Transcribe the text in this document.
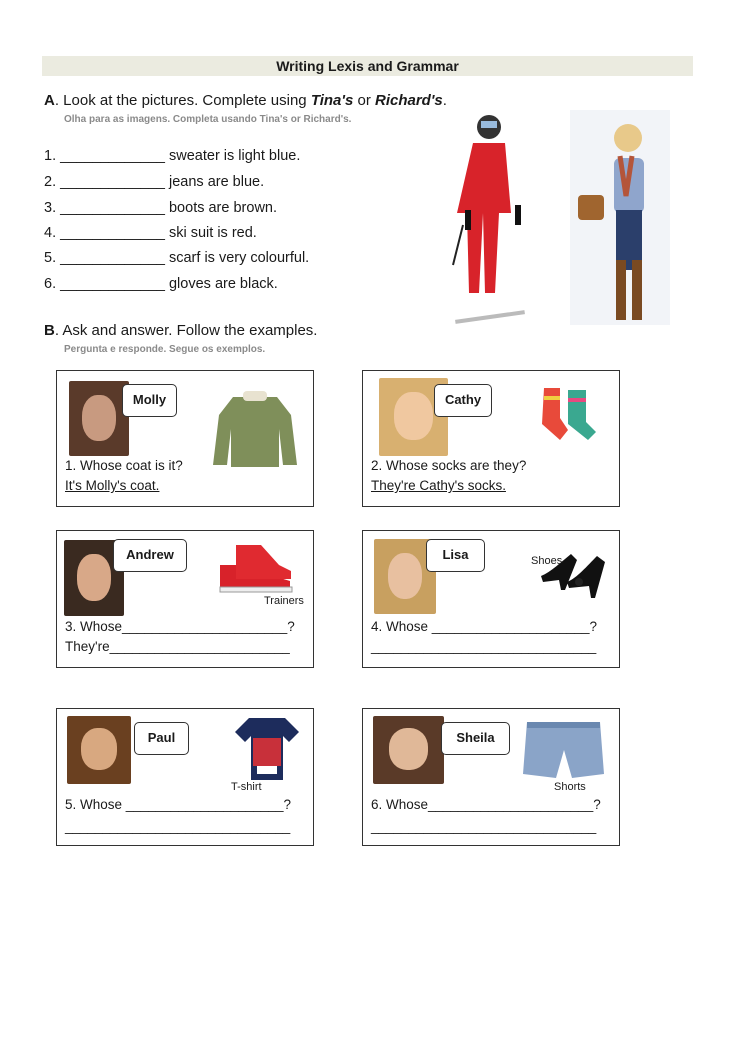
Writing Lexis and Grammar
A. Look at the pictures. Complete using Tina's or Richard's.
Olha para as imagens. Completa usando Tina's or Richard's.
1. _____________ sweater is light blue.
2. _____________ jeans are blue.
3. _____________ boots are brown.
4. _____________ ski suit is red.
5. _____________ scarf is very colourful.
6. _____________ gloves are black.
B. Ask and answer. Follow the examples.
Pergunta e responde. Segue os exemplos.
Molly
1. Whose coat is it?
It's Molly's coat.
Cathy
2. Whose socks are they?
They're Cathy's socks.
Andrew
Trainers
3. Whose______________________?
They're________________________
Lisa	Shoes
4. Whose _____________________?
______________________________
Paul
T-shirt
5. Whose _____________________?
______________________________
Sheila
Shorts
6. Whose______________________?
______________________________
